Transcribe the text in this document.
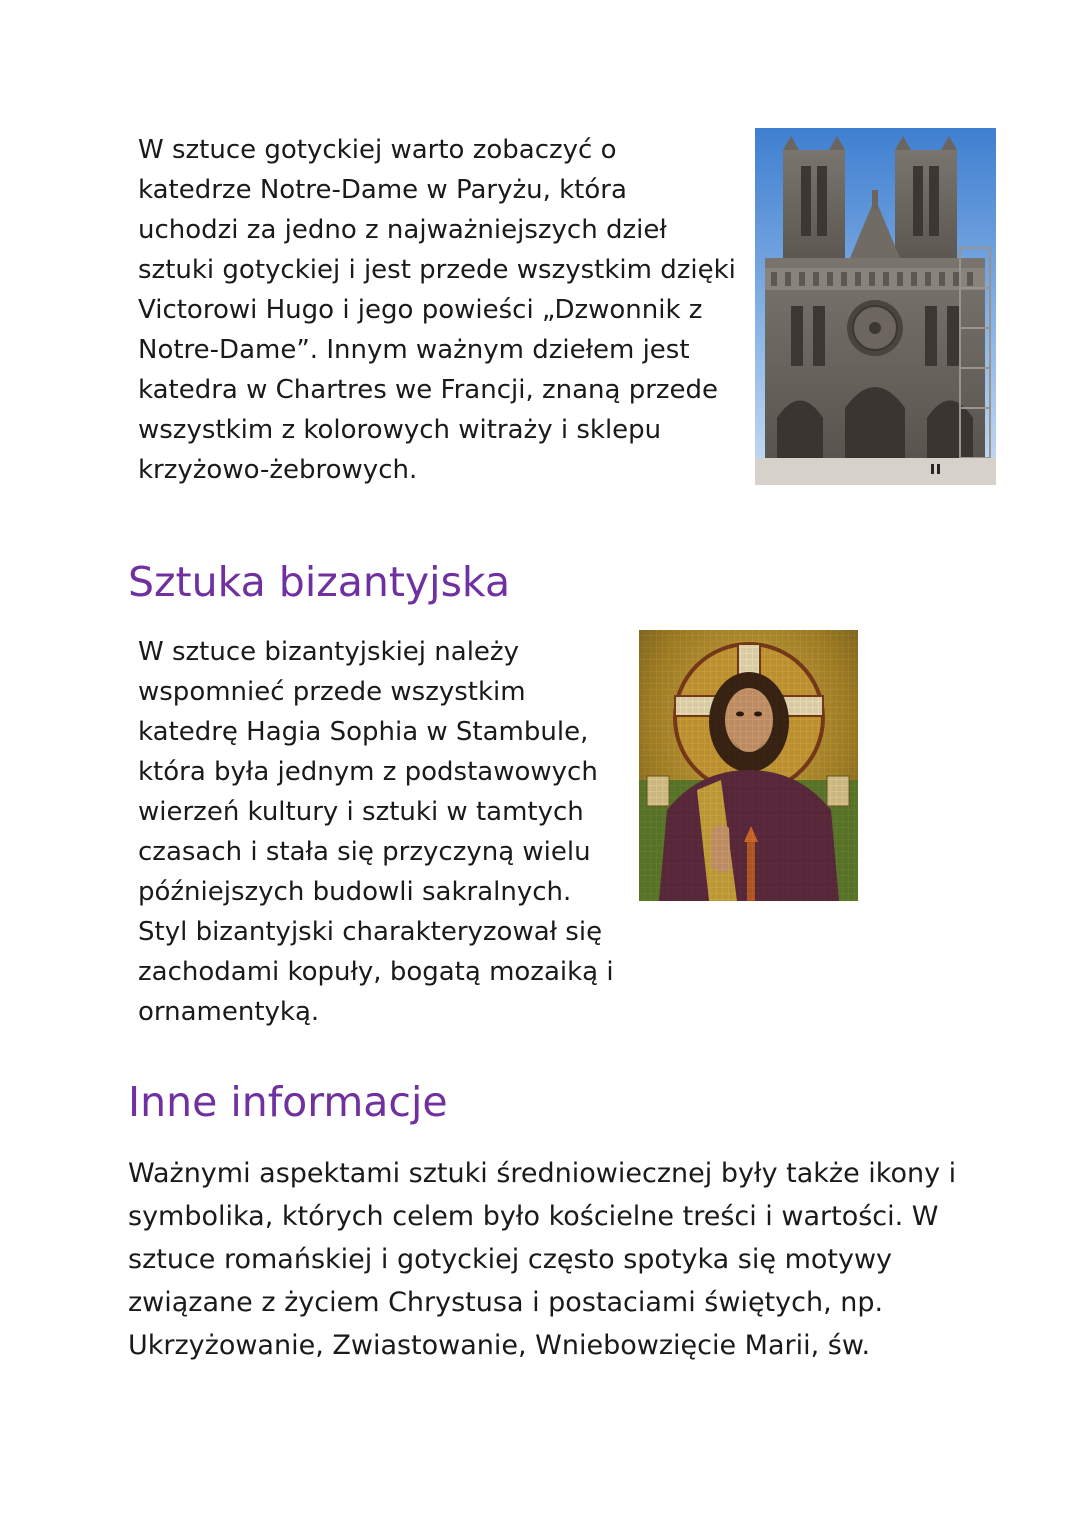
W sztuce gotyckiej warto zobaczyć o
katedrze Notre-Dame w Paryżu, która
uchodzi za jedno z najważniejszych dzieł
sztuki gotyckiej i jest przede wszystkim dzięki
Victorowi Hugo i jego powieści „Dzwonnik z
Notre-Dame”. Innym ważnym dziełem jest
katedra w Chartres we Francji, znaną przede
wszystkim z kolorowych witraży i sklepu
krzyżowo-żebrowych.

Sztuka bizantyjska

W sztuce bizantyjskiej należy
wspomnieć przede wszystkim
katedrę Hagia Sophia w Stambule,
która była jednym z podstawowych
wierzeń kultury i sztuki w tamtych
czasach i stała się przyczyną wielu
późniejszych budowli sakralnych.
Styl bizantyjski charakteryzował się
zachodami kopuły, bogatą mozaiką i
ornamentyką.

Inne informacje

Ważnymi aspektami sztuki średniowiecznej były także ikony i
symbolika, których celem było kościelne treści i wartości. W
sztuce romańskiej i gotyckiej często spotyka się motywy
związane z życiem Chrystusa i postaciami świętych, np.
Ukrzyżowanie, Zwiastowanie, Wniebowzięcie Marii, św.
